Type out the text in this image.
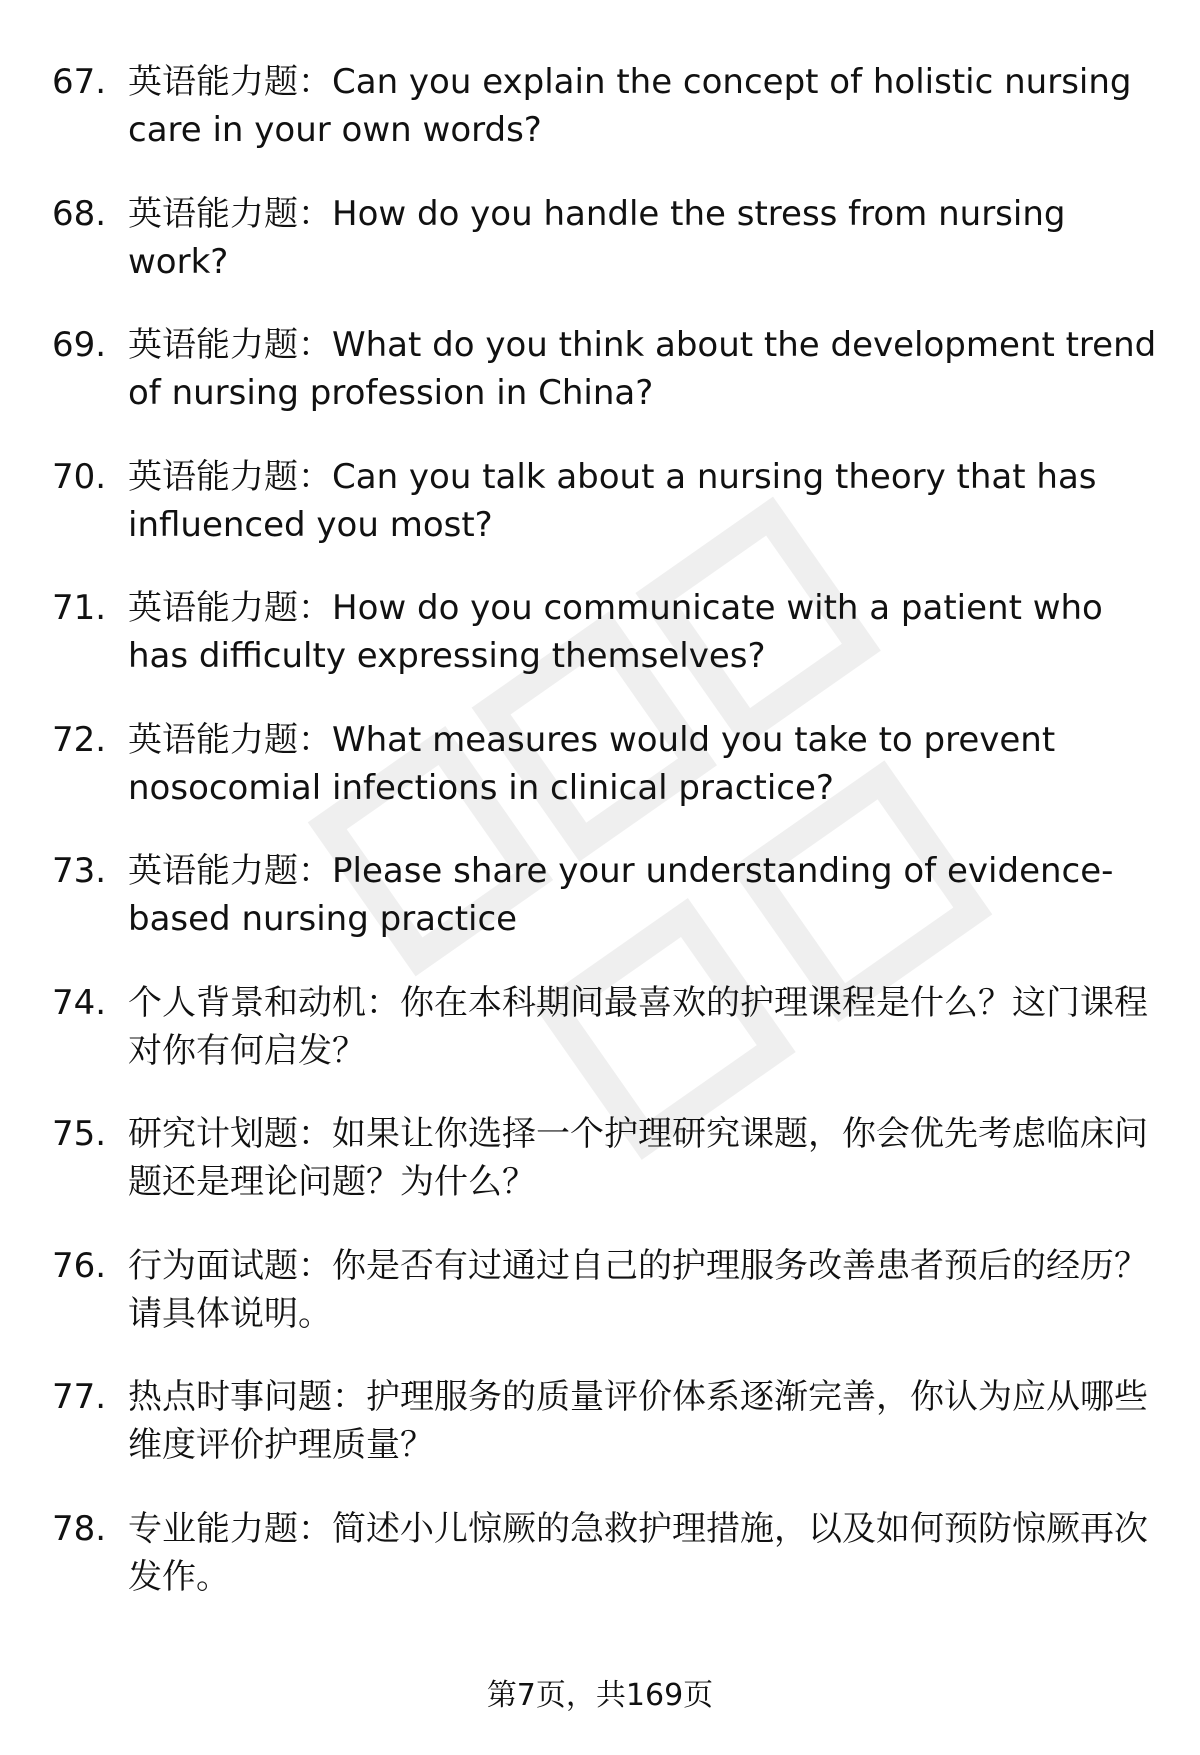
67. 英语能力题：Can you explain the concept of holistic nursing care in your own words?
68. 英语能力题：How do you handle the stress from nursing work?
69. 英语能力题：What do you think about the development trend of nursing profession in China?
70. 英语能力题：Can you talk about a nursing theory that has influenced you most?
71. 英语能力题：How do you communicate with a patient who has difficulty expressing themselves?
72. 英语能力题：What measures would you take to prevent nosocomial infections in clinical practice?
73. 英语能力题：Please share your understanding of evidence-based nursing practice
74. 个人背景和动机：你在本科期间最喜欢的护理课程是什么？这门课程对你有何启发？
75. 研究计划题：如果让你选择一个护理研究课题，你会优先考虑临床问题还是理论问题？为什么？
76. 行为面试题：你是否有过通过自己的护理服务改善患者预后的经历？请具体说明。
77. 热点时事问题：护理服务的质量评价体系逐渐完善，你认为应从哪些维度评价护理质量？
78. 专业能力题：简述小儿惊厥的急救护理措施，以及如何预防惊厥再次发作。
第7页，共169页
